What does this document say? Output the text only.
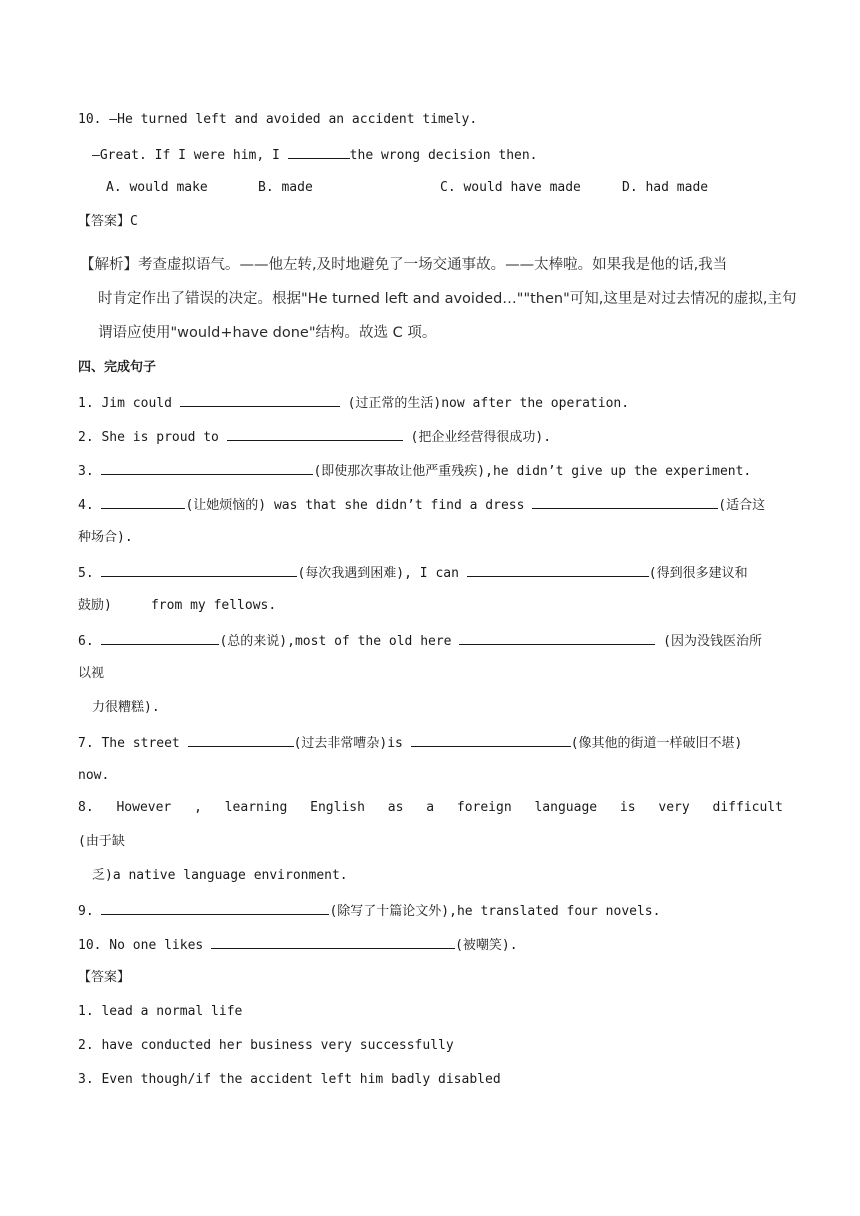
10. —He turned left and avoided an accident timely.
—Great. If I were him, I	the wrong decision then.
A. would make	B. made	C. would have made	D. had made
【答案】C
【解析】考查虚拟语气。——他左转,及时地避免了一场交通事故。——太棒啦。如果我是他的话,我当
时肯定作出了错误的决定。根据"He turned left and avoided…""then"可知,这里是对过去情况的虚拟,主句
谓语应使用"would+have done"结构。故选 C 项。
四、完成句子
1. Jim could	(过正常的生活)now after the operation.
2. She is proud to	(把企业经营得很成功).
3.	(即使那次事故让他严重残疾),he didn’t give up the experiment.
4.	(让她烦恼的) was that she didn’t find a dress	(适合这
种场合).
5.	(每次我遇到困难), I can	(得到很多建议和
鼓励)     from my fellows.
6.	(总的来说),most of the old here	(因为没钱医治所
以视
力很糟糕).
7. The street	(过去非常嘈杂)is	(像其他的街道一样破旧不堪)
now.
8. However , learning English as a foreign language is very difficult
(由于缺
乏)a native language environment.
9.	(除写了十篇论文外),he translated four novels.
10. No one likes	(被嘲笑).
【答案】
1. lead a normal life
2. have conducted her business very successfully
3. Even though/if the accident left him badly disabled
